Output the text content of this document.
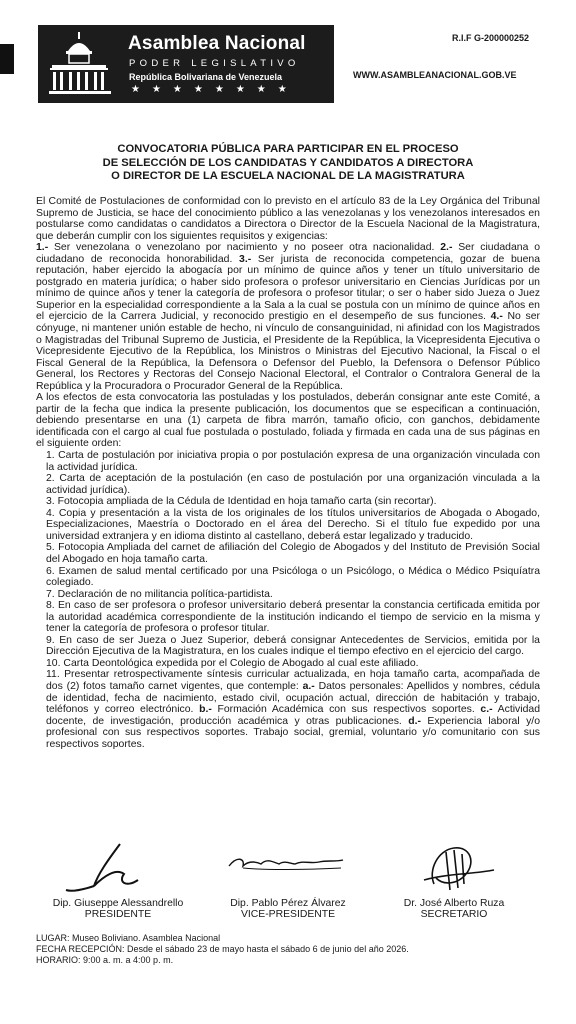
Asamblea Nacional
PODER LEGISLATIVO
República Bolivariana de Venezuela
★★★★★★★★
R.I.F G-200000252
WWW.ASAMBLEANACIONAL.GOB.VE
CONVOCATORIA PÚBLICA PARA PARTICIPAR EN EL PROCESO
DE SELECCIÓN DE LOS CANDIDATAS Y CANDIDATOS A DIRECTORA
O DIRECTOR DE LA ESCUELA NACIONAL DE LA MAGISTRATURA

El Comité de Postulaciones de conformidad con lo previsto en el artículo 83 de la Ley Orgánica del Tribunal Supremo de Justicia, se hace del conocimiento público a las venezolanas y los venezolanos interesados en postularse como candidatas o candidatos a Directora o Director de la Escuela Nacional de la Magistratura, que deberán cumplir con los siguientes requisitos y exigencias:

1.- Ser venezolana o venezolano por nacimiento y no poseer otra nacionalidad. 2.- Ser ciudadana o ciudadano de reconocida honorabilidad. 3.- Ser jurista de reconocida competencia, gozar de buena reputación, haber ejercido la abogacía por un mínimo de quince años y tener un título universitario de postgrado en materia jurídica; o haber sido profesora o profesor universitario en Ciencias Jurídicas por un mínimo de quince años y tener la categoría de profesora o profesor titular; o ser o haber sido Jueza o Juez Superior en la especialidad correspondiente a la Sala a la cual se postula con un mínimo de quince años en el ejercicio de la Carrera Judicial, y reconocido prestigio en el desempeño de sus funciones. 4.- No ser cónyuge, ni mantener unión estable de hecho, ni vínculo de consanguinidad, ni afinidad con los Magistrados o Magistradas del Tribunal Supremo de Justicia, el Presidente de la República, la Vicepresidenta Ejecutiva o Vicepresidente Ejecutivo de la República, los Ministros o Ministras del Ejecutivo Nacional, la Fiscal o el Fiscal General de la República, la Defensora o Defensor del Pueblo, la Defensora o Defensor Público General, los Rectores y Rectoras del Consejo Nacional Electoral, el Contralor o Contralora General de la República y la Procuradora o Procurador General de la República.

A los efectos de esta convocatoria las postuladas y los postulados, deberán consignar ante este Comité, a partir de la fecha que indica la presente publicación, los documentos que se especifican a continuación, debiendo presentarse en una (1) carpeta de fibra marrón, tamaño oficio, con ganchos, debidamente identificada con el cargo al cual fue postulada o postulado, foliada y firmada en cada una de sus páginas en el siguiente orden:

1. Carta de postulación por iniciativa propia o por postulación expresa de una organización vinculada con la actividad jurídica.
2. Carta de aceptación de la postulación (en caso de postulación por una organización vinculada a la actividad jurídica).
3. Fotocopia ampliada de la Cédula de Identidad en hoja tamaño carta (sin recortar).
4. Copia y presentación a la vista de los originales de los títulos universitarios de Abogada o Abogado, Especializaciones, Maestría o Doctorado en el área del Derecho. Si el título fue expedido por una universidad extranjera y en idioma distinto al castellano, deberá estar legalizado y traducido.
5. Fotocopia Ampliada del carnet de afiliación del Colegio de Abogados y del Instituto de Previsión Social del Abogado en hoja tamaño carta.
6. Examen de salud mental certificado por una Psicóloga o un Psicólogo, o Médica o Médico Psiquíatra colegiado.
7. Declaración de no militancia política-partidista.
8. En caso de ser profesora o profesor universitario deberá presentar la constancia certificada emitida por la autoridad académica correspondiente de la institución indicando el tiempo de servicio en la misma y tener la categoría de profesora o profesor titular.
9. En caso de ser Jueza o Juez Superior, deberá consignar Antecedentes de Servicios, emitida por la Dirección Ejecutiva de la Magistratura, en los cuales indique el tiempo efectivo en el ejercicio del cargo.
10. Carta Deontológica expedida por el Colegio de Abogado al cual este afiliado.
11. Presentar retrospectivamente síntesis curricular actualizada, en hoja tamaño carta, acompañada de dos (2) fotos tamaño carnet vigentes, que contemple: a.- Datos personales: Apellidos y nombres, cédula de identidad, fecha de nacimiento, estado civil, ocupación actual, dirección de habitación y trabajo, teléfonos y correo electrónico. b.- Formación Académica con sus respectivos soportes. c.- Actividad docente, de investigación, producción académica y otras publicaciones. d.- Experiencia laboral y/o profesional con sus respectivos soportes. Trabajo social, gremial, voluntario y/o comunitario con sus respectivos soportes.
Dip. Giuseppe Alessandrello
PRESIDENTE
Dip. Pablo Pérez Álvarez
VICE-PRESIDENTE
Dr. José Alberto Ruza
SECRETARIO
LUGAR: Museo Boliviano. Asamblea Nacional
FECHA RECEPCIÓN: Desde el sábado 23 de mayo hasta el sábado 6 de junio del año 2026.
HORARIO: 9:00 a. m. a 4:00 p. m.
